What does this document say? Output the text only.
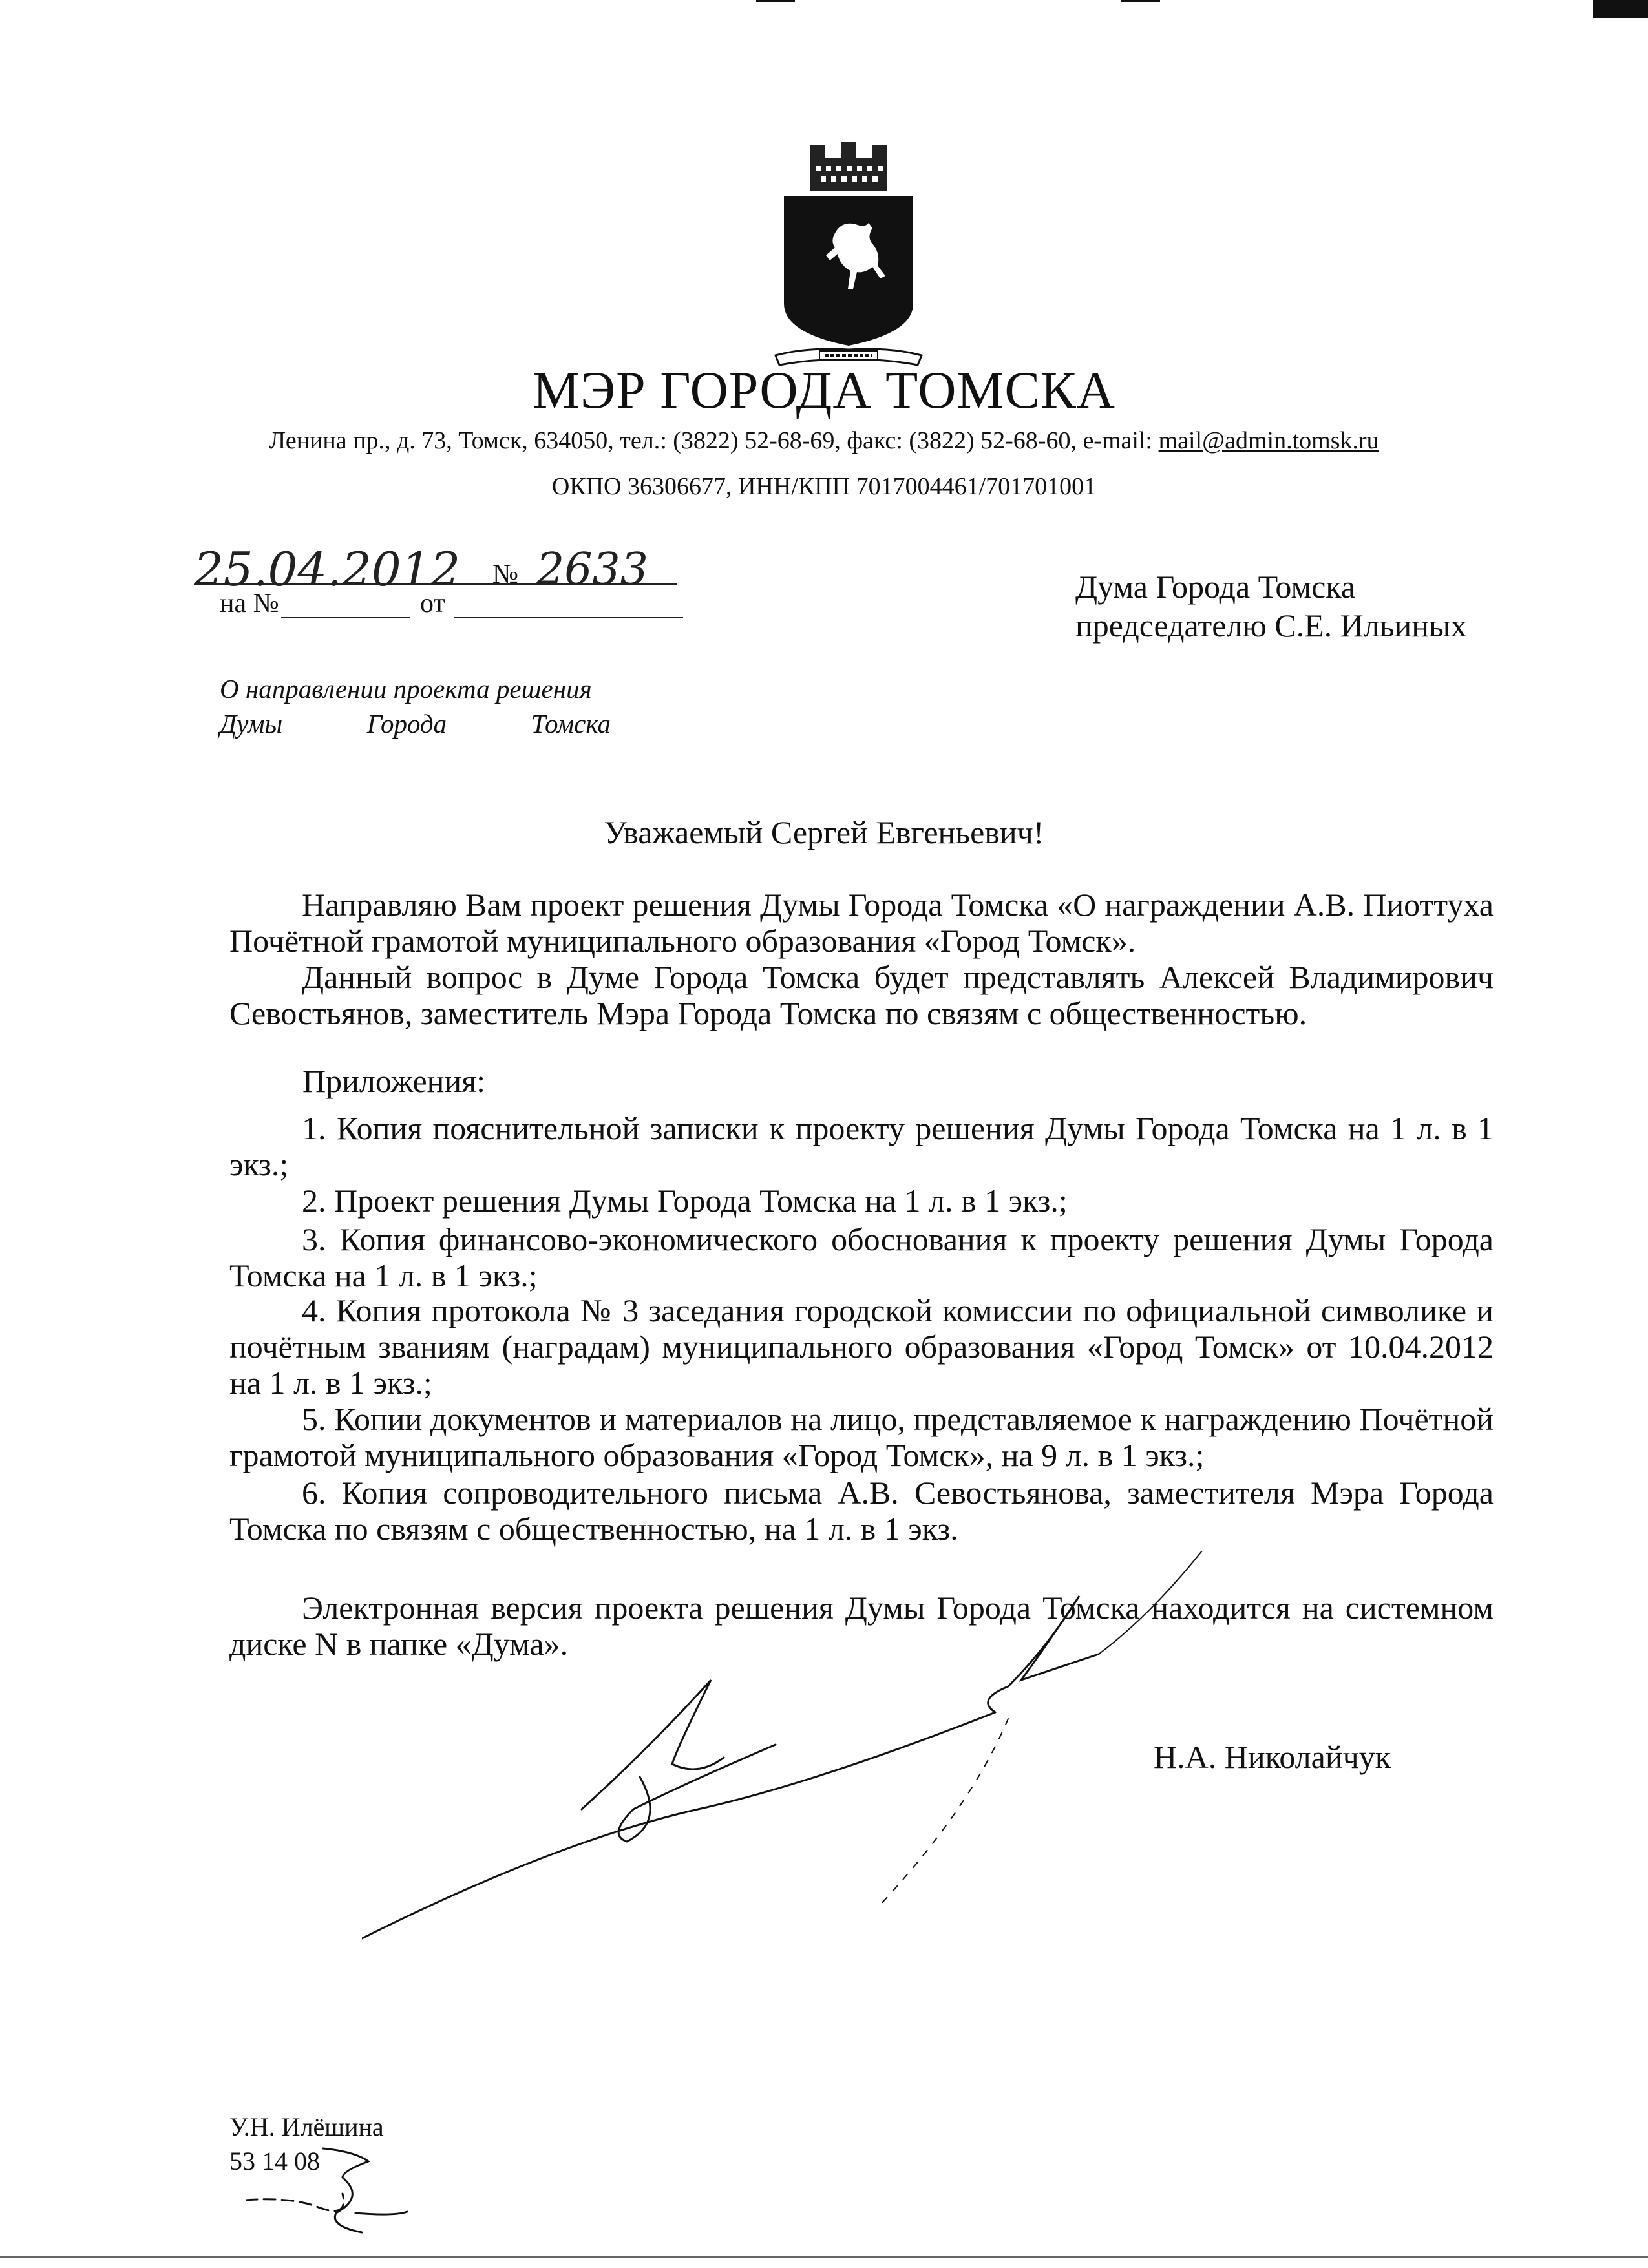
МЭР ГОРОДА ТОМСКА
Ленина пр., д. 73, Томск, 634050, тел.: (3822) 52-68-69, факс: (3822) 52-68-60, e-mail: mail@admin.tomsk.ru
ОКПО 36306677, ИНН/КПП 7017004461/701701001
25.04.2012 № 2633
на №	от	Дума Города Томска
председателю С.Е. Ильиных
О направлении проекта решения
Думы	Города	Томска
Уважаемый Сергей Евгеньевич!

Направляю Вам проект решения Думы Города Томска «О награждении А.В. Пиоттуха Почётной грамотой муниципального образования «Город Томск».

Данный вопрос в Думе Города Томска будет представлять Алексей Владимирович Севостьянов, заместитель Мэра Города Томска по связям с общественностью.

Приложения:

1. Копия пояснительной записки к проекту решения Думы Города Томска на 1 л. в 1 экз.;

2. Проект решения Думы Города Томска на 1 л. в 1 экз.;

3. Копия финансово-экономического обоснования к проекту решения Думы Города Томска на 1 л. в 1 экз.;

4. Копия протокола № 3 заседания городской комиссии по официальной символике и почётным званиям (наградам) муниципального образования «Город Томск» от 10.04.2012 на 1 л. в 1 экз.;

5. Копии документов и материалов на лицо, представляемое к награждению Почётной грамотой муниципального образования «Город Томск», на 9 л. в 1 экз.;

6. Копия сопроводительного письма А.В. Севостьянова, заместителя Мэра Города Томска по связям с общественностью, на 1 л. в 1 экз.

Электронная версия проекта решения Думы Города Томска находится на системном диске N в папке «Дума».

Н.А. Николайчук
У.Н. Илёшина
53 14 08
